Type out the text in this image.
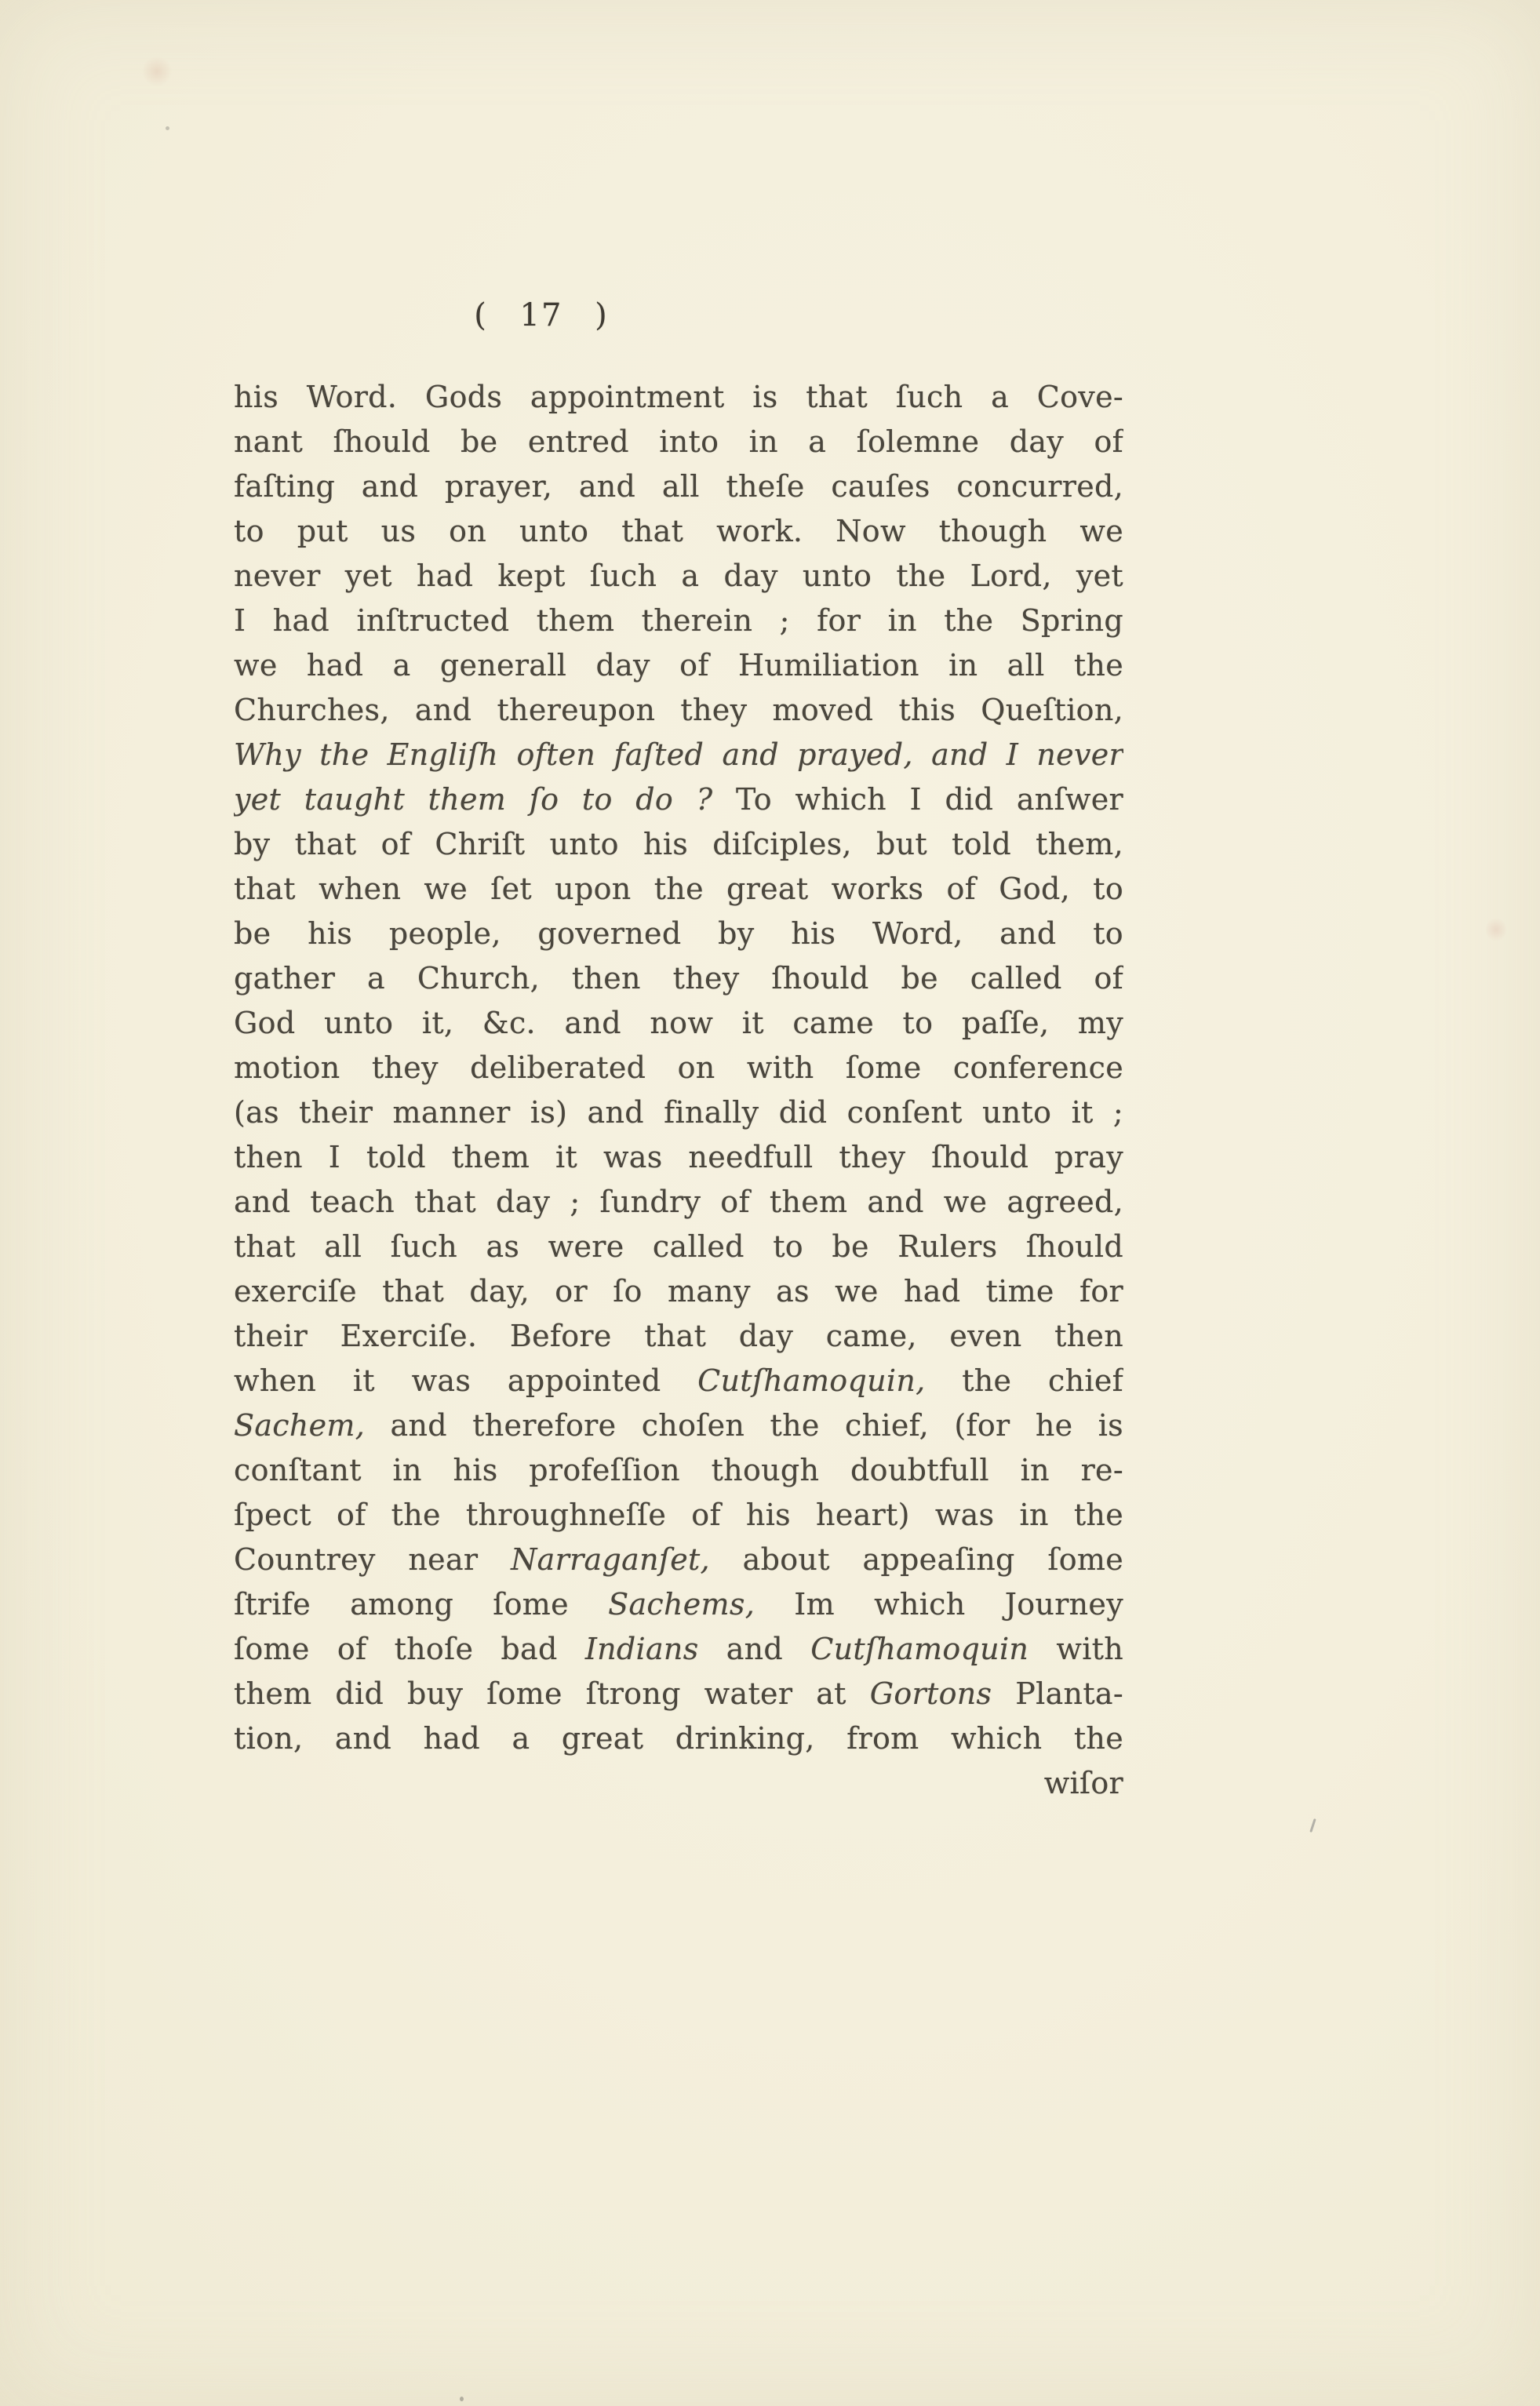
( 17 )
his Word. Gods appointment is that ſuch a Cove-
nant ſhould be entred into in a ſolemne day of
faſting and prayer, and all theſe cauſes concurred,
to put us on unto that work. Now though we
never yet had kept ſuch a day unto the Lord, yet
I had inſtructed them therein ; for in the Spring
we had a generall day of Humiliation in all the
Churches, and thereupon they moved this Queſtion,
Why the Engliſh often faſted and prayed, and I never
yet taught them ſo to do ? To which I did anſwer
by that of Chriſt unto his diſciples, but told them,
that when we ſet upon the great works of God, to
be his people, governed by his Word, and to
gather a Church, then they ſhould be called of
God unto it, &c. and now it came to paſſe, my
motion they deliberated on with ſome conference
(as their manner is) and finally did conſent unto it ;
then I told them it was needfull they ſhould pray
and teach that day ; ſundry of them and we agreed,
that all ſuch as were called to be Rulers ſhould
exerciſe that day, or ſo many as we had time for
their Exerciſe. Before that day came, even then
when it was appointed Cutſhamoquin, the chief
Sachem, and therefore choſen the chief, (for he is
conſtant in his profeſſion though doubtfull in re-
ſpect of the throughneſſe of his heart) was in the
Countrey near Narraganſet, about appeaſing ſome
ſtrife among ſome Sachems, Im which Journey
ſome of thoſe bad Indians and Cutſhamoquin with
them did buy ſome ſtrong water at Gortons Planta-
tion, and had a great drinking, from which the
wiſor
